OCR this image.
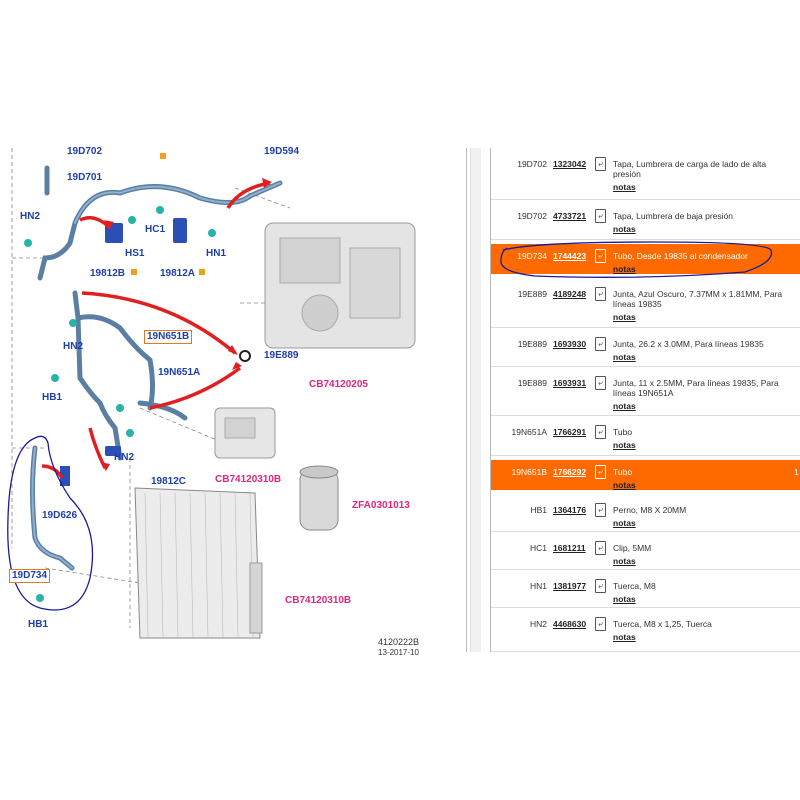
19D702
19D701
19D594
HN2
HS1
HC1
HN1
19812B	19812A
19N651B
19E889
HN2
19N651A
CB74120205
HB1
HN2
19812C	CB74120310B
19D626
ZFA0301013
19D734
CB74120310B
HB1
4120222B
13-2017-10
19D702 1323042	⤶	Tapa, Lumbrera de carga de lado de alta presión
notas
19D702 4733721	⤶	Tapa, Lumbrera de baja presión
notas
19D734 1744423	⤶	Tubo, Desde 19835 al condensador
notas
19E889 4189248	⤶	Junta, Azul Oscuro, 7.37MM x 1.81MM, Para líneas 19835
notas
19E889 1693930	⤶	Junta, 26.2 x 3.0MM, Para líneas 19835
notas
19E889 1693931	⤶	Junta, 11 x 2.5MM, Para líneas 19835, Para líneas 19N651A
notas
19N651A 1766291	⤶	Tubo
notas
19N651B 1766292	⤶	Tubo
notas
1
HB1 1364176	⤶	Perno, M8 X 20MM
notas
HC1 1681211	⤶	Clip, 5MM
notas
HN1 1381977	⤶	Tuerca, M8
notas
HN2 4468630	⤶	Tuerca, M8 x 1,25, Tuerca
notas
